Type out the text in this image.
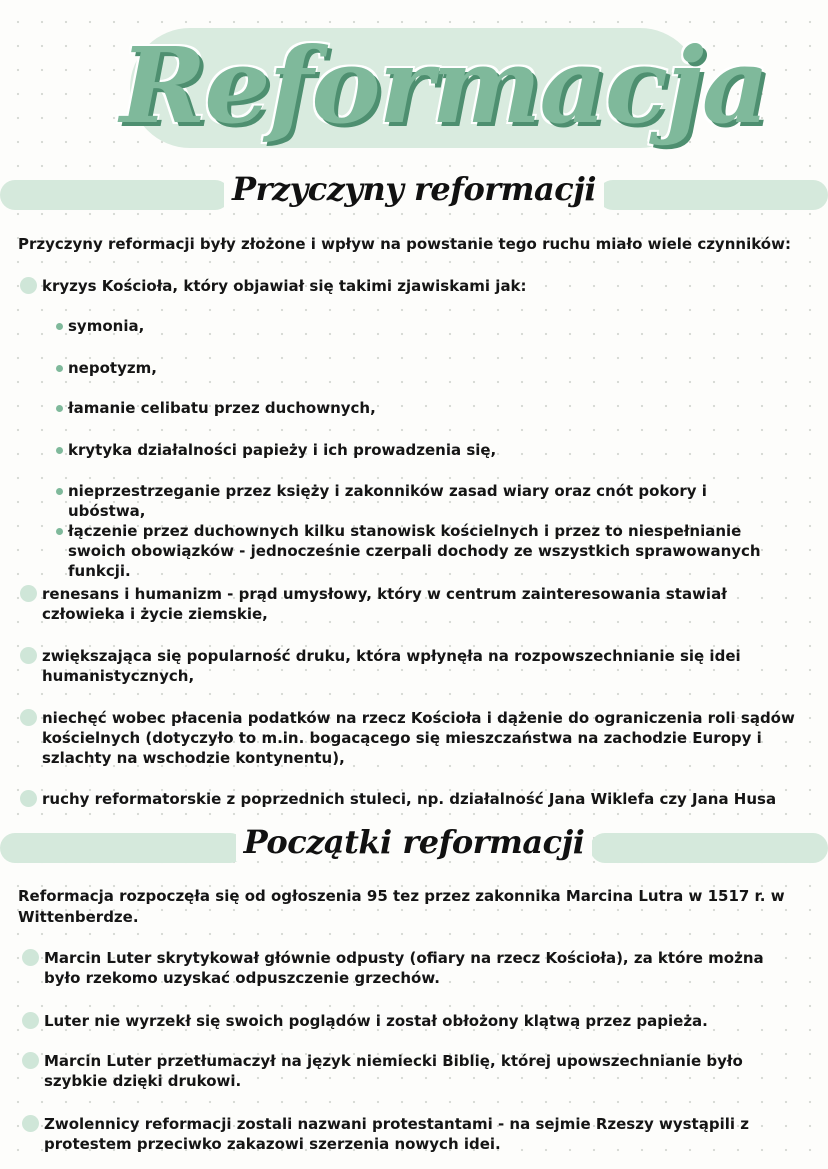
Reformacja
Przyczyny reformacji
Przyczyny reformacji były złożone i wpływ na powstanie tego ruchu miało wiele czynników:
kryzys Kościoła, który objawiał się takimi zjawiskami jak:
symonia,
nepotyzm,
łamanie celibatu przez duchownych,
krytyka działalności papieży i ich prowadzenia się,
nieprzestrzeganie przez księży i zakonników zasad wiary oraz cnót pokory i ubóstwa,
łączenie przez duchownych kilku stanowisk kościelnych i przez to niespełnianie swoich obowiązków - jednocześnie czerpali dochody ze wszystkich sprawowanych funkcji.
renesans i humanizm - prąd umysłowy, który w centrum zainteresowania stawiał człowieka i życie ziemskie,
zwiększająca się popularność druku, która wpłynęła na rozpowszechnianie się idei humanistycznych,
niechęć wobec płacenia podatków na rzecz Kościoła i dążenie do ograniczenia roli sądów kościelnych (dotyczyło to m.in. bogacącego się mieszczaństwa na zachodzie Europy i szlachty na wschodzie kontynentu),
ruchy reformatorskie z poprzednich stuleci, np. działalność Jana Wiklefa czy Jana Husa
Początki reformacji
Reformacja rozpoczęła się od ogłoszenia 95 tez przez zakonnika Marcina Lutra w 1517 r. w Wittenberdze.
Marcin Luter skrytykował głównie odpusty (ofiary na rzecz Kościoła), za które można było rzekomo uzyskać odpuszczenie grzechów.
Luter nie wyrzekł się swoich poglądów i został obłożony klątwą przez papieża.
Marcin Luter przetłumaczył na język niemiecki Biblię, której upowszechnianie było szybkie dzięki drukowi.
Zwolennicy reformacji zostali nazwani protestantami - na sejmie Rzeszy wystąpili z protestem przeciwko zakazowi szerzenia nowych idei.
